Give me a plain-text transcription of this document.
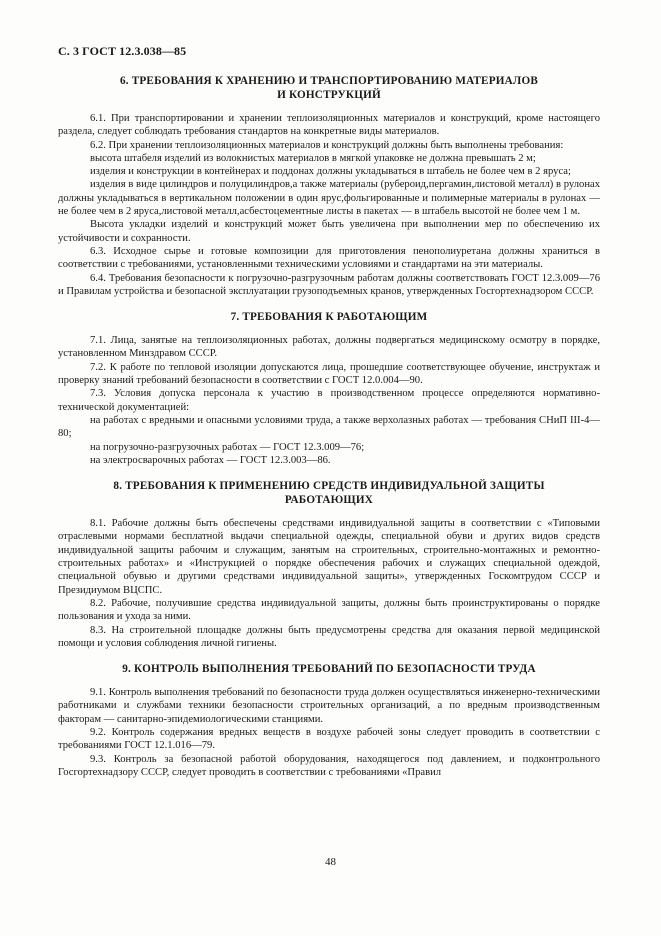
С. 3 ГОСТ 12.3.038—85
6. ТРЕБОВАНИЯ К ХРАНЕНИЮ И ТРАНСПОРТИРОВАНИЮ МАТЕРИАЛОВ
И КОНСТРУКЦИЙ

6.1. При транспортировании и хранении теплоизоляционных материалов и конструкций, кроме настоящего раздела, следует соблюдать требования стандартов на конкретные виды материалов.

6.2. При хранении теплоизоляционных материалов и конструкций должны быть выполнены требования:

высота штабеля изделий из волокнистых материалов в мягкой упаковке не должна превышать 2 м;

изделия и конструкции в контейнерах и поддонах должны укладываться в штабель не более чем в 2 яруса;

изделия в виде цилиндров и полуцилиндров,а также материалы (рубероид,пергамин,листовой металл) в рулонах должны укладываться в вертикальном положении в один ярус,фольгированные и полимерные материалы в рулонах — не более чем в 2 яруса,листовой металл,асбестоцементные листы в пакетах — в штабель высотой не более чем 1 м.

Высота укладки изделий и конструкций может быть увеличена при выполнении мер по обеспечению их устойчивости и сохранности.

6.3. Исходное сырье и готовые композиции для приготовления пенополиуретана должны храниться в соответствии с требованиями, установленными техническими условиями и стандартами на эти материалы.

6.4. Требования безопасности к погрузочно-разгрузочным работам должны соответствовать ГОСТ 12.3.009—76 и Правилам устройства и безопасной эксплуатации грузоподъемных кранов, утвержденных Госгортехнадзором СССР.

7. ТРЕБОВАНИЯ К РАБОТАЮЩИМ

7.1. Лица, занятые на теплоизоляционных работах, должны подвергаться медицинскому осмотру в порядке, установленном Минздравом СССР.

7.2. К работе по тепловой изоляции допускаются лица, прошедшие соответствующее обучение, инструктаж и проверку знаний требований безопасности в соответствии с ГОСТ 12.0.004—90.

7.3. Условия допуска персонала к участию в производственном процессе определяются нормативно-технической документацией:

на работах с вредными и опасными условиями труда, а также верхолазных работах — требования СНиП III-4—80;

на погрузочно-разгрузочных работах — ГОСТ 12.3.009—76;

на электросварочных работах — ГОСТ 12.3.003—86.

8. ТРЕБОВАНИЯ К ПРИМЕНЕНИЮ СРЕДСТВ ИНДИВИДУАЛЬНОЙ ЗАЩИТЫ
РАБОТАЮЩИХ

8.1. Рабочие должны быть обеспечены средствами индивидуальной защиты в соответствии с «Типовыми отраслевыми нормами бесплатной выдачи специальной одежды, специальной обуви и других видов средств индивидуальной защиты рабочим и служащим, занятым на строительных, строительно-монтажных и ремонтно-строительных работах» и «Инструкцией о порядке обеспечения рабочих и служащих специальной одеждой, специальной обувью и другими средствами индивидуальной защиты», утвержденных Госкомтрудом СССР и Президиумом ВЦСПС.

8.2. Рабочие, получившие средства индивидуальной защиты, должны быть проинструктированы о порядке пользования и ухода за ними.

8.3. На строительной площадке должны быть предусмотрены средства для оказания первой медицинской помощи и условия соблюдения личной гигиены.

9. КОНТРОЛЬ ВЫПОЛНЕНИЯ ТРЕБОВАНИЙ ПО БЕЗОПАСНОСТИ ТРУДА

9.1. Контроль выполнения требований по безопасности труда должен осуществляться инженерно-техническими работниками и службами техники безопасности строительных организаций, а по вредным производственным факторам — санитарно-эпидемиологическими станциями.

9.2. Контроль содержания вредных веществ в воздухе рабочей зоны следует проводить в соответствии с требованиями ГОСТ 12.1.016—79.

9.3. Контроль за безопасной работой оборудования, находящегося под давлением, и подконтрольного Госгортехнадзору СССР, следует проводить в соответствии с требованиями «Правил

48
